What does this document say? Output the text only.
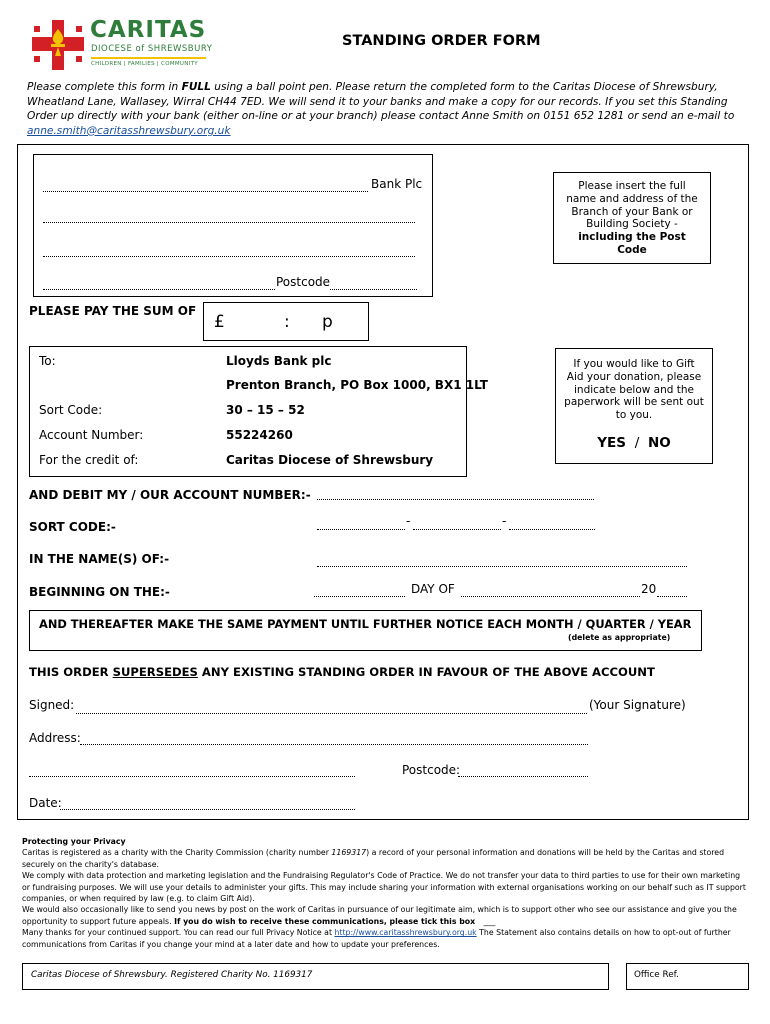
CARITAS
DIOCESE of SHREWSBURY
CHILDREN | FAMILIES | COMMUNITY
STANDING ORDER FORM
Please complete this form in FULL using a ball point pen. Please return the completed form to the Caritas Diocese of Shrewsbury, Wheatland Lane, Wallasey, Wirral CH44 7ED. We will send it to your banks and make a copy for our records. If you set this Standing Order up directly with your bank (either on-line or at your branch) please contact Anne Smith on 0151 652 1281 or send an e-mail to anne.smith@caritasshrewsbury.org.uk
Bank Plc
Postcode
Please insert the full name and address of the Branch of your Bank or Building Society - including the Post Code
PLEASE PAY THE SUM OF
£	: p
To:	Lloyds Bank plc
Prenton Branch, PO Box 1000, BX1 1LT
Sort Code:	30 – 15 – 52
Account Number:	55224260
For the credit of:	Caritas Diocese of Shrewsbury
If you would like to Gift Aid your donation, please indicate below and the paperwork will be sent out to you.
YES / NO
AND DEBIT MY / OUR ACCOUNT NUMBER:-
SORT CODE:-	-	-
IN THE NAME(S) OF:-
BEGINNING ON THE:-	DAY OF	20
AND THEREAFTER MAKE THE SAME PAYMENT UNTIL FURTHER NOTICE EACH MONTH / QUARTER / YEAR
(delete as appropriate)
THIS ORDER SUPERSEDES ANY EXISTING STANDING ORDER IN FAVOUR OF THE ABOVE ACCOUNT
Signed:	(Your Signature)
Address:
Postcode:
Date:

Protecting your Privacy

Caritas is registered as a charity with the Charity Commission (charity number 1169317) a record of your personal information and donations will be held by the Caritas and stored securely on the charity's database.

We comply with data protection and marketing legislation and the Fundraising Regulator's Code of Practice. We do not transfer your data to third parties to use for their own marketing or fundraising purposes. We will use your details to administer your gifts. This may include sharing your information with external organisations working on our behalf such as IT support companies, or when required by law (e.g. to claim Gift Aid).

We would also occasionally like to send you news by post on the work of Caritas in pursuance of our legitimate aim, which is to support other who see our assistance and give you the opportunity to support future appeals. If you do wish to receive these communications, please tick this box ___

Many thanks for your continued support. You can read our full Privacy Notice at http://www.caritasshrewsbury.org.uk The Statement also contains details on how to opt-out of further communications from Caritas if you change your mind at a later date and how to update your preferences.

Caritas Diocese of Shrewsbury. Registered Charity No. 1169317	Office Ref.
